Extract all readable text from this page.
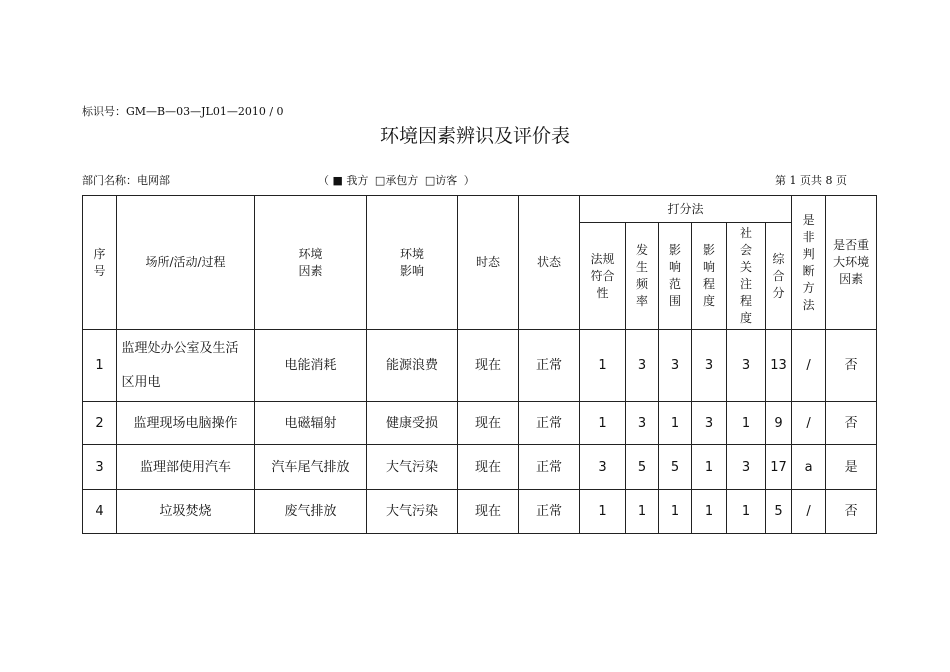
标识号：GM—B—03—JL01—2010 / 0
环境因素辨识及评价表
部门名称：电网部	（ ■ 我方 □承包方 □访客 ）	第 1 页共 8 页
序号	场所/活动/过程	环境因素	环境影响	时态	状态	打分法						是非判断方法	是否重大环境因素
						法规符合性	发生频率	影响范围	影响程度	社会关注程度	综合分		
1	监理处办公室及生活区用电	电能消耗	能源浪费	现在	正常	1	3	3	3	3	13	/	否
2	监理现场电脑操作	电磁辐射	健康受损	现在	正常	1	3	1	3	1	9	/	否
3	监理部使用汽车	汽车尾气排放	大气污染	现在	正常	3	5	5	1	3	17	a	是
4	垃圾焚烧	废气排放	大气污染	现在	正常	1	1	1	1	1	5	/	否
